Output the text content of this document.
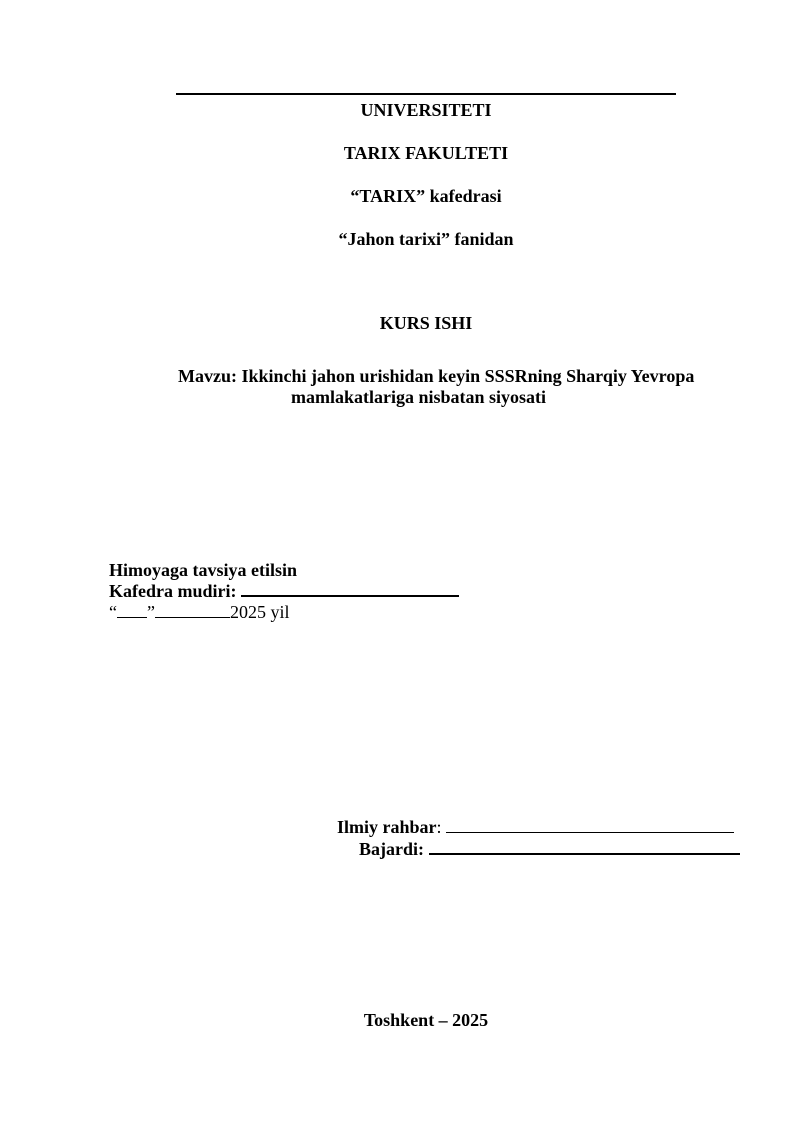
UNIVERSITETI
TARIX FAKULTETI
“TARIX” kafedrasi
“Jahon tarixi” fanidan
KURS ISHI
Mavzu: Ikkinchi jahon urishidan keyin SSSRning Sharqiy Yevropa
mamlakatlariga nisbatan siyosati
Himoyaga tavsiya etilsin
Kafedra mudiri:
“ ”	2025 yil
Ilmiy rahbar:
Bajardi:
Toshkent – 2025
